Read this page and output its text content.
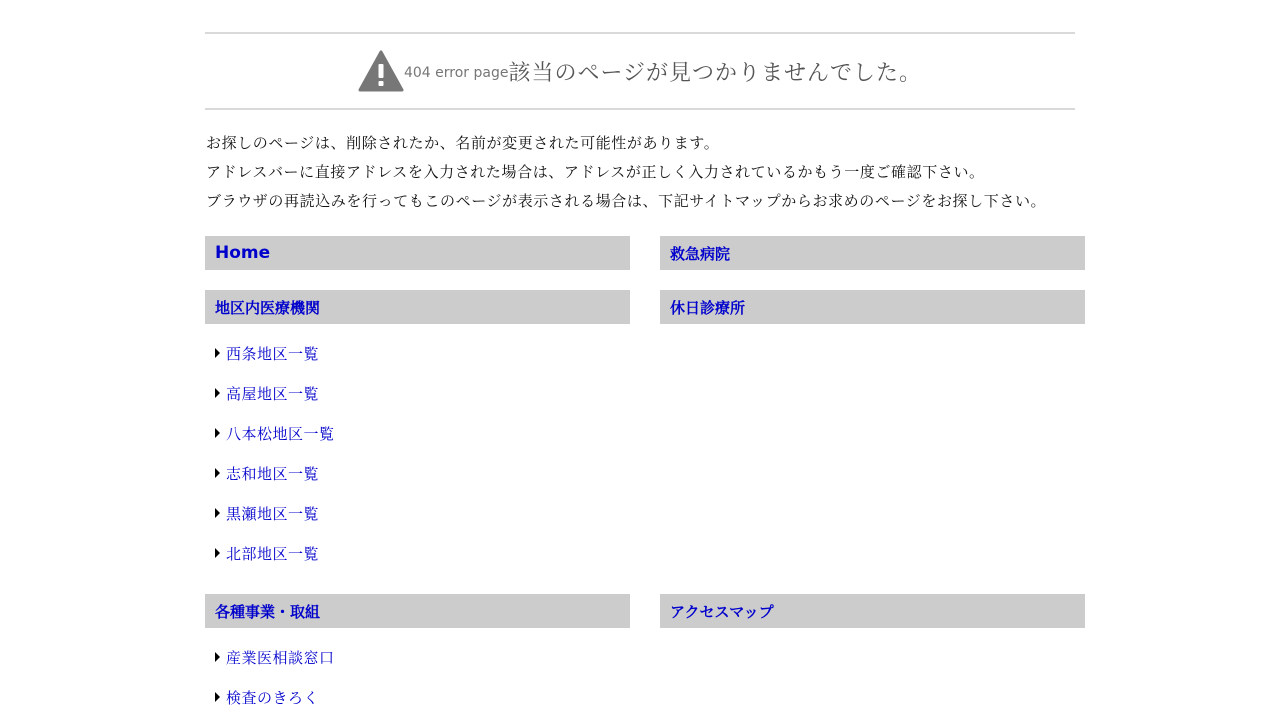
404 error page 該当のページが見つかりませんでした。

お探しのページは、削除されたか、名前が変更された可能性があります。

アドレスバーに直接アドレスを入力された場合は、アドレスが正しく入力されているかもう一度ご確認下さい。

ブラウザの再読込みを行ってもこのページが表示される場合は、下記サイトマップからお求めのページをお探し下さい。

Home	救急病院
地区内医療機関	休日診療所
西条地区一覧
高屋地区一覧
八本松地区一覧
志和地区一覧
黒瀬地区一覧
北部地区一覧
各種事業・取組	アクセスマップ
産業医相談窓口
検査のきろく
